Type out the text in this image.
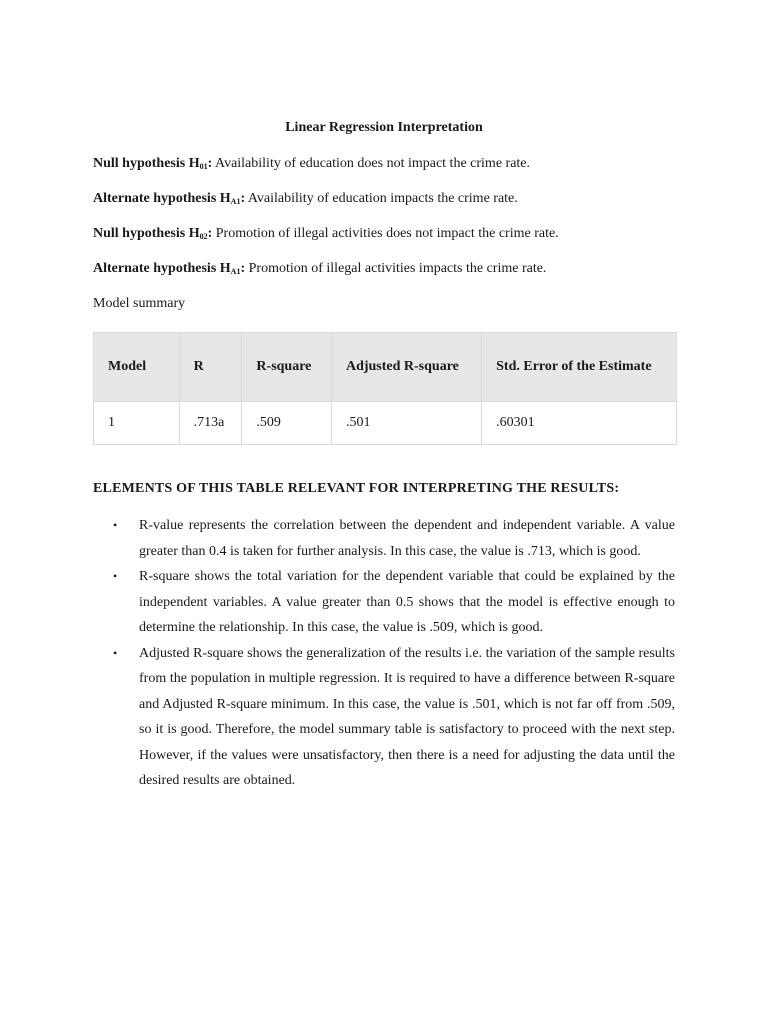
Linear Regression Interpretation
Null hypothesis $H_{01}$: Availability of education does not impact the crime rate.
Alternate hypothesis $H_{A1}$: Availability of education impacts the crime rate.
Null hypothesis $H_{02}$: Promotion of illegal activities does not impact the crime rate.
Alternate hypothesis $H_{A1}$: Promotion of illegal activities impacts the crime rate.
Model summary
Model	R	R-square	Adjusted R-square	Std. Error of the Estimate
1	.713a	.509	.501	.60301
ELEMENTS OF THIS TABLE RELEVANT FOR INTERPRETING THE RESULTS:
• R-value represents the correlation between the dependent and independent variable. A value greater than 0.4 is taken for further analysis. In this case, the value is .713, which is good.
• R-square shows the total variation for the dependent variable that could be explained by the independent variables. A value greater than 0.5 shows that the model is effective enough to determine the relationship. In this case, the value is .509, which is good.
• Adjusted R-square shows the generalization of the results i.e. the variation of the sample results from the population in multiple regression. It is required to have a difference between R-square and Adjusted R-square minimum. In this case, the value is .501, which is not far off from .509, so it is good. Therefore, the model summary table is satisfactory to proceed with the next step. However, if the values were unsatisfactory, then there is a need for adjusting the data until the desired results are obtained.
